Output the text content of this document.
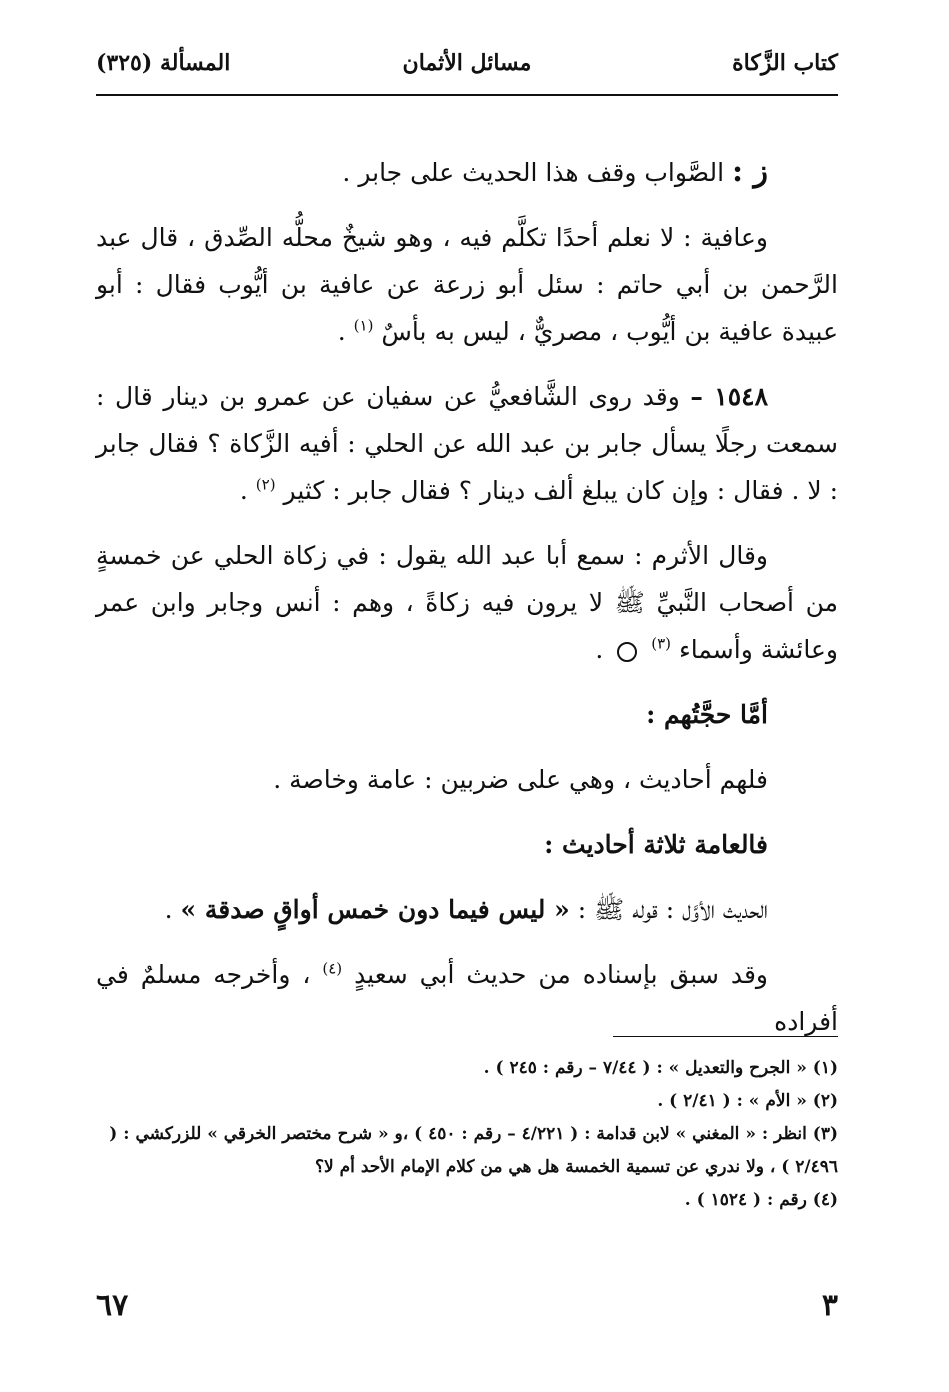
كتاب الزَّكاة
مسائل الأثمان
المسألة (٣٢٥)

ز : الصَّواب وقف هذا الحديث على جابر .

وعافية : لا نعلم أحدًا تكلَّم فيه ، وهو شيخٌ محلُّه الصِّدق ، قال عبد الرَّحمن بن أبي حاتم : سئل أبو زرعة عن عافية بن أيُّوب فقال : أبو عبيدة عافية بن أيُّوب ، مصريٌّ ، ليس به بأسٌ $^{(١)}$ .

١٥٤٨ – وقد روى الشَّافعيُّ عن سفيان عن عمرو بن دينار قال : سمعت رجلًا يسأل جابر بن عبد الله عن الحلي : أفيه الزَّكاة ؟ فقال جابر : لا . فقال : وإن كان يبلغ ألف دينار ؟ فقال جابر : كثير $^{(٢)}$ .

وقال الأثرم : سمع أبا عبد الله يقول : في زكاة الحلي عن خمسةٍ من أصحاب النَّبيِّ ﷺ لا يرون فيه زكاةً ، وهم : أنس وجابر وابن عمر وعائشة وأسماء $^{(٣)}$  .

أمَّا حجَّتُهم :

فلهم أحاديث ، وهي على ضربين : عامة وخاصة .

فالعامة ثلاثة أحاديث :

الحديث الأوَّل : قوله ﷺ : « ليس فيما دون خمس أواقٍ صدقة » .

وقد سبق بإسناده من حديث أبي سعيدٍ $^{(٤)}$ ، وأخرجه مسلمٌ في أفراده

(١) « الجرح والتعديل » : ( ٧/٤٤ – رقم : ٢٤٥ ) .

(٢) « الأم » : ( ٢/٤١ ) .

(٣) انظر : « المغني » لابن قدامة : ( ٤/٢٢١ – رقم : ٤٥٠ ) ،و « شرح مختصر الخرقي » للزركشي : ( ٢/٤٩٦ ) ، ولا ندري عن تسمية الخمسة هل هي من كلام الإمام الأحد أم لا؟

(٤) رقم : ( ١٥٢٤ ) .

٣
٦٧
